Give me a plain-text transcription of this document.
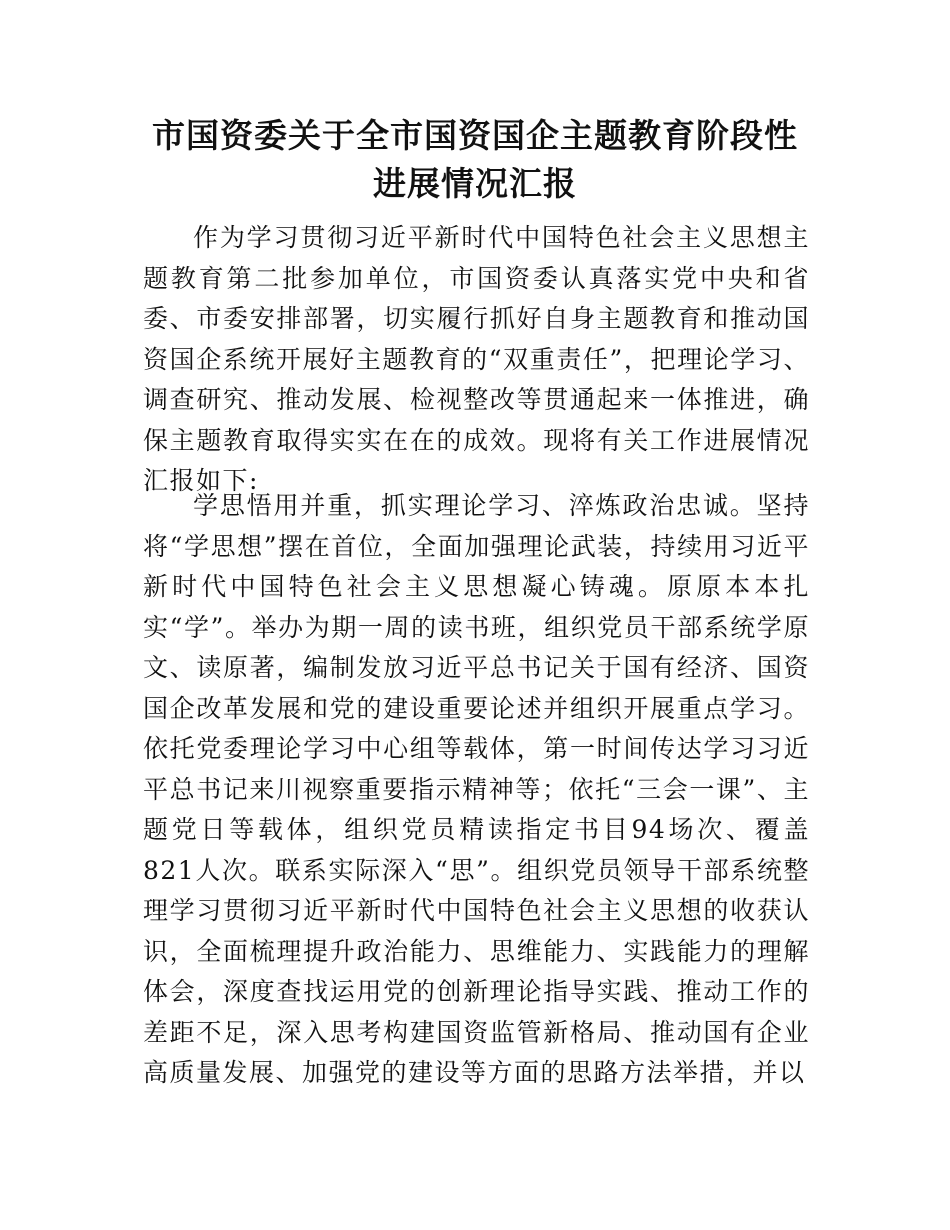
市国资委关于全市国资国企主题教育阶段性进展情况汇报

作为学习贯彻习近平新时代中国特色社会主义思想主题教育第二批参加单位，市国资委认真落实党中央和省委、市委安排部署，切实履行抓好自身主题教育和推动国资国企系统开展好主题教育的“双重责任”，把理论学习、调查研究、推动发展、检视整改等贯通起来一体推进，确保主题教育取得实实在在的成效。现将有关工作进展情况汇报如下:

学思悟用并重，抓实理论学习、淬炼政治忠诚。坚持将“学思想”摆在首位，全面加强理论武装，持续用习近平新时代中国特色社会主义思想凝心铸魂。原原本本扎实“学”。举办为期一周的读书班，组织党员干部系统学原文、读原著，编制发放习近平总书记关于国有经济、国资国企改革发展和党的建设重要论述并组织开展重点学习。依托党委理论学习中心组等载体，第一时间传达学习习近平总书记来川视察重要指示精神等；依托“三会一课”、主题党日等载体，组织党员精读指定书目94场次、覆盖821人次。联系实际深入“思”。组织党员领导干部系统整理学习贯彻习近平新时代中国特色社会主义思想的收获认识，全面梳理提升政治能力、思维能力、实践能力的理解体会，深度查找运用党的创新理论指导实践、推动工作的差距不足，深入思考构建国资监管新格局、推动国有企业高质量发展、加强党的建设等方面的思路方法举措，并以
